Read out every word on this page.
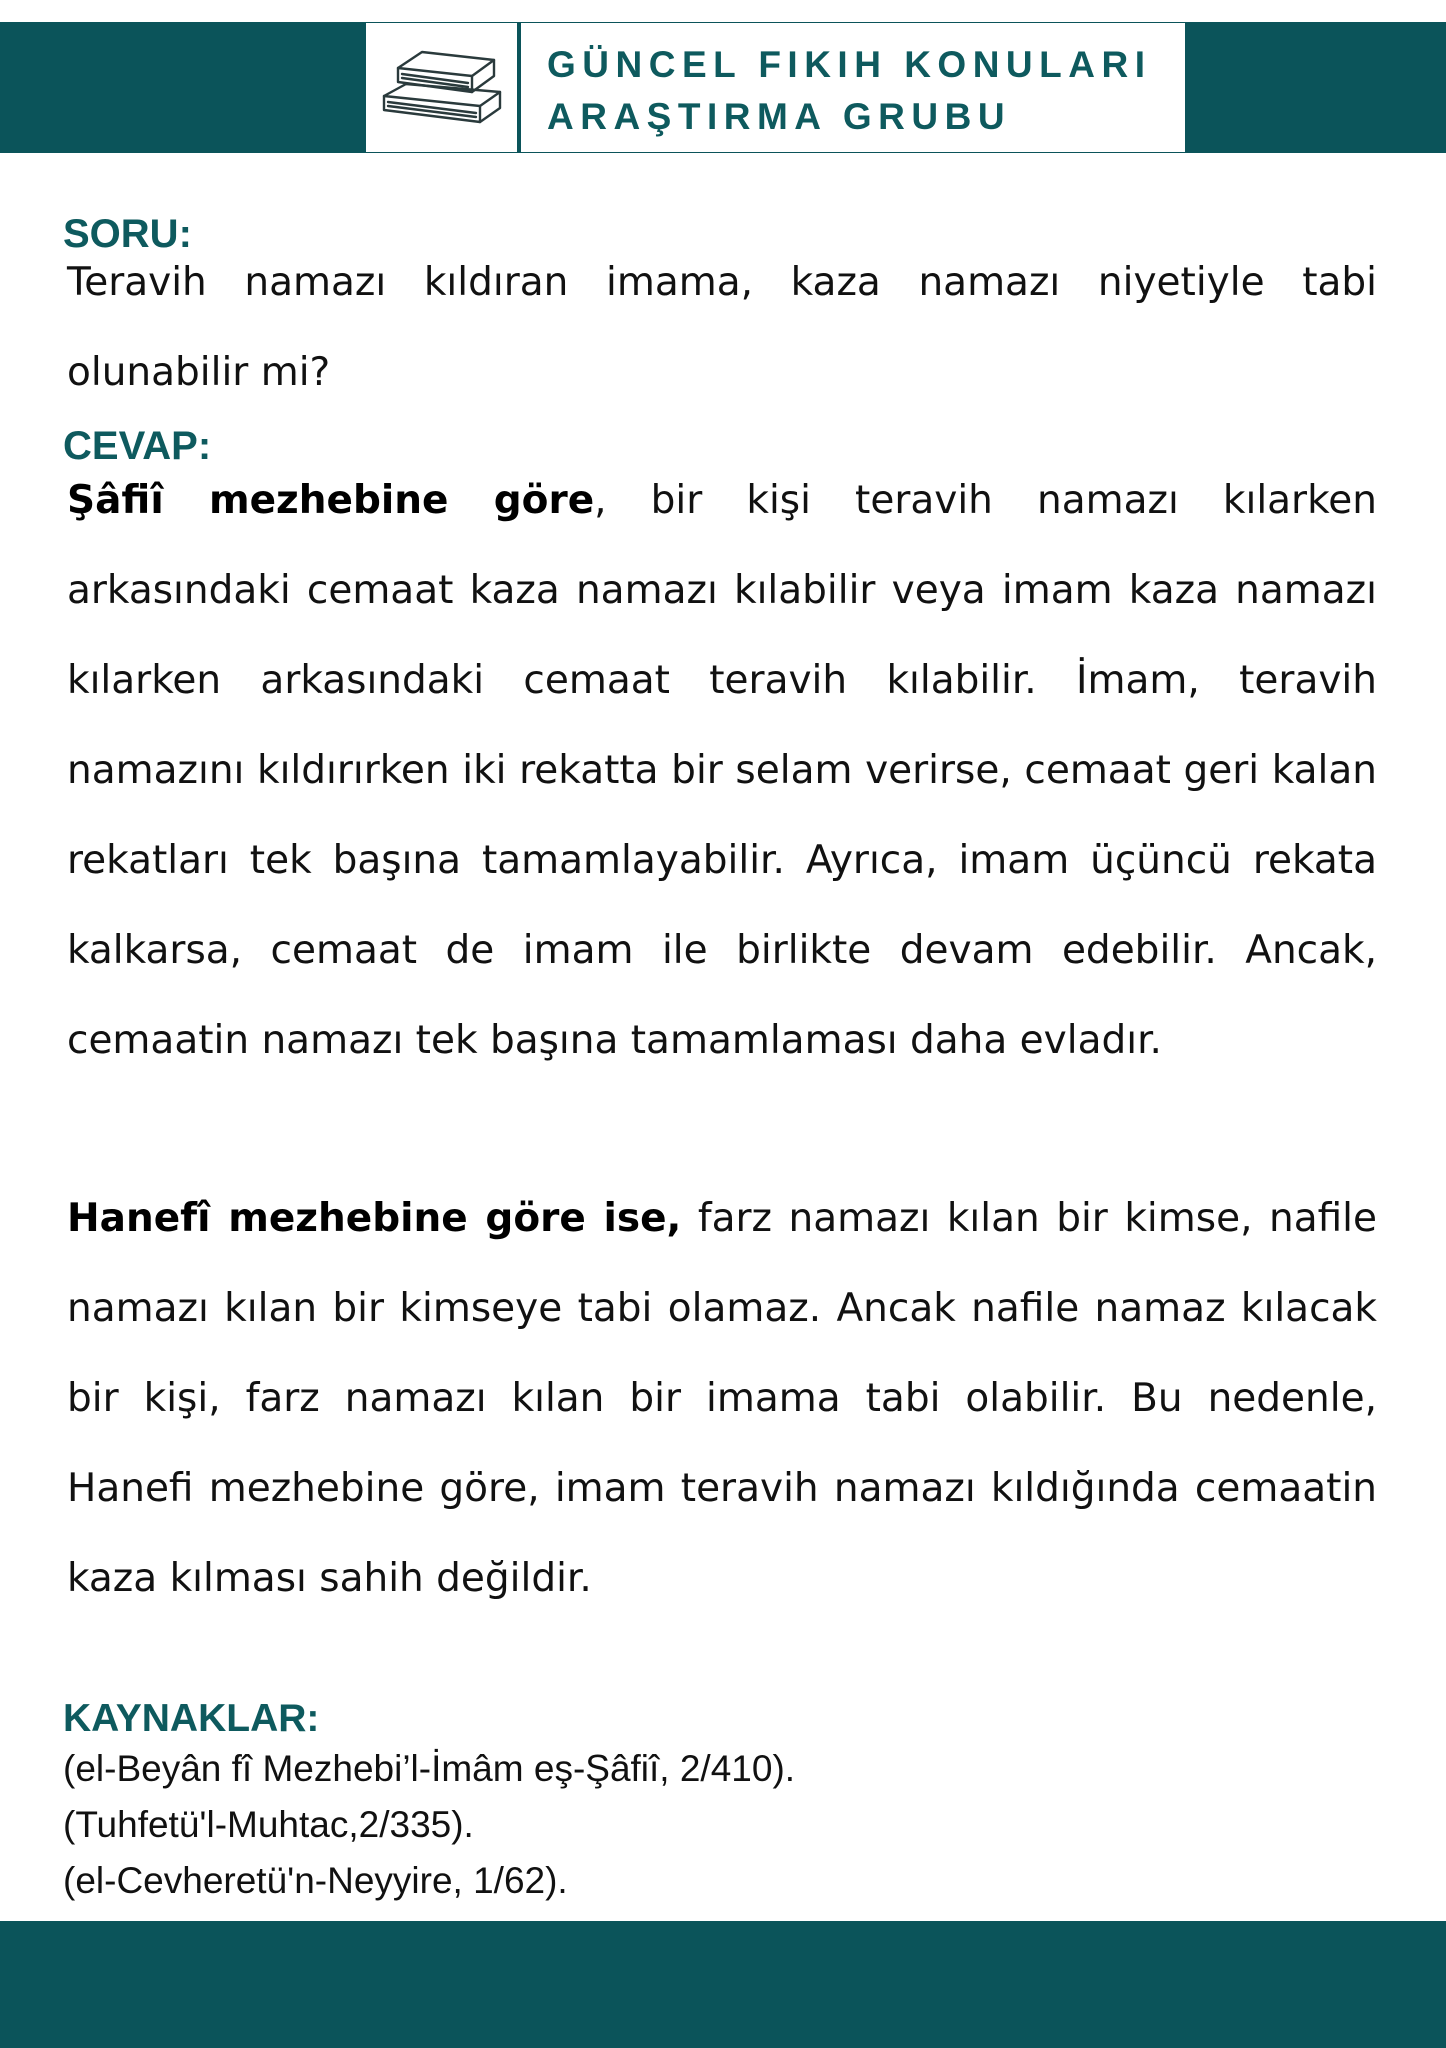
GÜNCEL FIKIH KONULARI
ARAŞTIRMA GRUBU
SORU:

Teravih namazı kıldıran imama, kaza namazı niyetiyle tabi olunabilir mi?

CEVAP:

Şâfiî mezhebine göre, bir kişi teravih namazı kılarken arkasındaki cemaat kaza namazı kılabilir veya imam kaza namazı kılarken arkasındaki cemaat teravih kılabilir. İmam, teravih namazını kıldırırken iki rekatta bir selam verirse, cemaat geri kalan rekatları tek başına tamamlayabilir. Ayrıca, imam üçüncü rekata kalkarsa, cemaat de imam ile birlikte devam edebilir. Ancak, cemaatin namazı tek başına tamamlaması daha evladır.

Hanefî mezhebine göre ise, farz namazı kılan bir kimse, nafile namazı kılan bir kimseye tabi olamaz. Ancak nafile namaz kılacak bir kişi, farz namazı kılan bir imama tabi olabilir. Bu nedenle, Hanefi mezhebine göre, imam teravih namazı kıldığında cemaatin kaza kılması sahih değildir.

KAYNAKLAR:
(el-Beyân fî Mezhebi’l-İmâm eş-Şâfiî, 2/410).
(Tuhfetü'l-Muhtac,2/335).
(el-Cevheretü'n-Neyyire, 1/62).
